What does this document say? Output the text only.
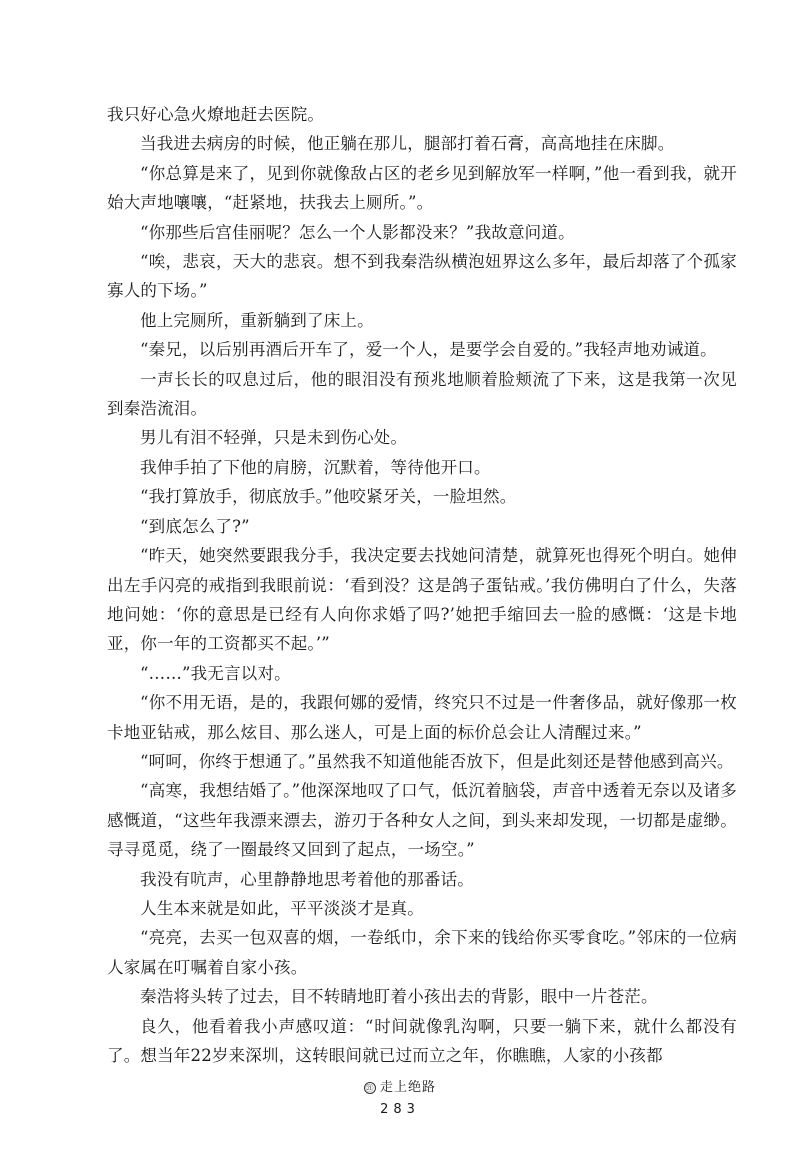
我只好心急火燎地赶去医院。

当我进去病房的时候，他正躺在那儿，腿部打着石膏，高高地挂在床脚。

“你总算是来了，见到你就像敌占区的老乡见到解放军一样啊，”他一看到我，就开始大声地嚷嚷，“赶紧地，扶我去上厕所。”。

“你那些后宫佳丽呢？怎么一个人影都没来？”我故意问道。

“唉，悲哀，天大的悲哀。想不到我秦浩纵横泡妞界这么多年，最后却落了个孤家寡人的下场。”

他上完厕所，重新躺到了床上。

“秦兄，以后别再酒后开车了，爱一个人，是要学会自爱的。”我轻声地劝诫道。

一声长长的叹息过后，他的眼泪没有预兆地顺着脸颊流了下来，这是我第一次见到秦浩流泪。

男儿有泪不轻弹，只是未到伤心处。

我伸手拍了下他的肩膀，沉默着，等待他开口。

“我打算放手，彻底放手。”他咬紧牙关，一脸坦然。

“到底怎么了?”

“昨天，她突然要跟我分手，我决定要去找她问清楚，就算死也得死个明白。她伸出左手闪亮的戒指到我眼前说：‘看到没？这是鸽子蛋钻戒。’我仿佛明白了什么，失落地问她：‘你的意思是已经有人向你求婚了吗?’她把手缩回去一脸的感慨：‘这是卡地亚，你一年的工资都买不起。’”

“……”我无言以对。

“你不用无语，是的，我跟何娜的爱情，终究只不过是一件奢侈品，就好像那一枚卡地亚钻戒，那么炫目、那么迷人，可是上面的标价总会让人清醒过来。”

“呵呵，你终于想通了。”虽然我不知道他能否放下，但是此刻还是替他感到高兴。

“高寒，我想结婚了。”他深深地叹了口气，低沉着脑袋，声音中透着无奈以及诸多感慨道，“这些年我漂来漂去，游刃于各种女人之间，到头来却发现，一切都是虚缈。寻寻觅觅，绕了一圈最终又回到了起点，一场空。”

我没有吭声，心里静静地思考着他的那番话。

人生本来就是如此，平平淡淡才是真。

“亮亮，去买一包双喜的烟，一卷纸巾，余下来的钱给你买零食吃。”邻床的一位病人家属在叮嘱着自家小孩。

秦浩将头转了过去，目不转睛地盯着小孩出去的背影，眼中一片苍茫。

良久，他看着我小声感叹道：“时间就像乳沟啊，只要一躺下来，就什么都没有了。想当年22岁来深圳，这转眼间就已过而立之年，你瞧瞧，人家的小孩都

㉑ 走上绝路
283
